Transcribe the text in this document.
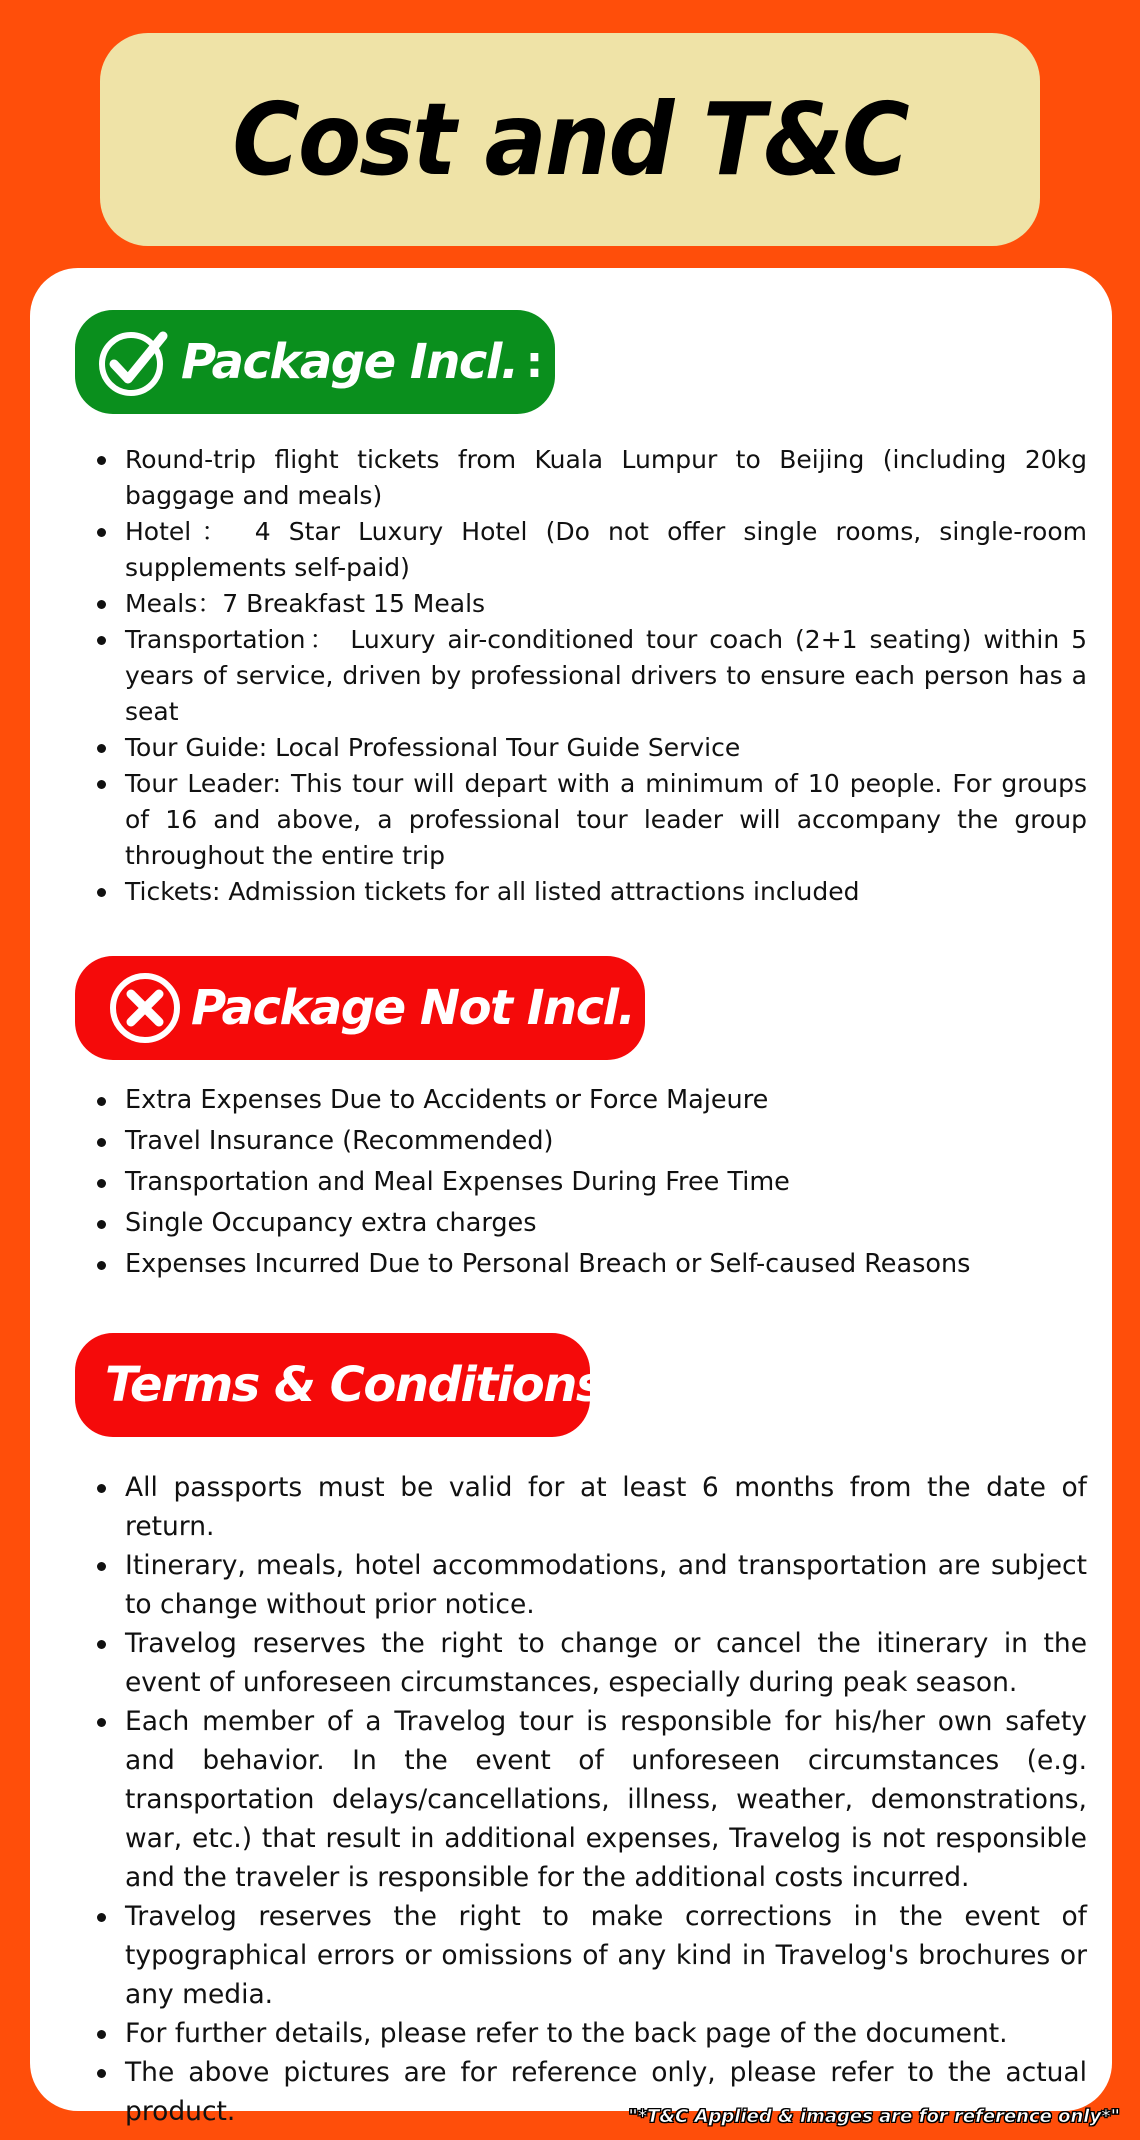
Cost and T&C
Package Incl. :
Round-trip flight tickets from Kuala Lumpur to Beijing (including 20kg baggage and meals)
Hotel： 4 Star Luxury Hotel (Do not offer single rooms, single-room supplements self-paid)
Meals：7 Breakfast 15 Meals
Transportation： Luxury air-conditioned tour coach (2+1 seating) within 5 years of service, driven by professional drivers to ensure each person has a seat
Tour Guide: Local Professional Tour Guide Service
Tour Leader: This tour will depart with a minimum of 10 people. For groups of 16 and above, a professional tour leader will accompany the group throughout the entire trip
Tickets: Admission tickets for all listed attractions included
Package Not Incl. :
Extra Expenses Due to Accidents or Force Majeure
Travel Insurance (Recommended)
Transportation and Meal Expenses During Free Time
Single Occupancy extra charges
Expenses Incurred Due to Personal Breach or Self-caused Reasons
Terms & Conditions
All passports must be valid for at least 6 months from the date of return.
Itinerary, meals, hotel accommodations, and transportation are subject to change without prior notice.
Travelog reserves the right to change or cancel the itinerary in the event of unforeseen circumstances, especially during peak season.
Each member of a Travelog tour is responsible for his/her own safety and behavior. In the event of unforeseen circumstances (e.g. transportation delays/cancellations, illness, weather, demonstrations, war, etc.) that result in additional expenses, Travelog is not responsible and the traveler is responsible for the additional costs incurred.
Travelog reserves the right to make corrections in the event of typographical errors or omissions of any kind in Travelog's brochures or any media.
For further details, please refer to the back page of the document.
The above pictures are for reference only, please refer to the actual product.	"*T&C Applied & images are for reference only*"
